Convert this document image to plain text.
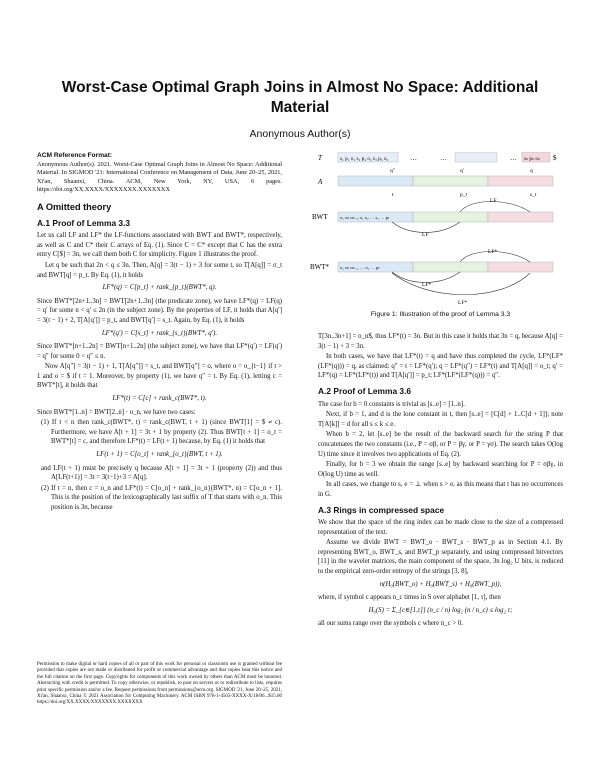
Worst-Case Optimal Graph Joins in Almost No Space: Additional Material
Anonymous Author(s)
ACM Reference Format:
Anonymous Author(s). 2021. Worst-Case Optimal Graph Joins in Almost No Space: Additional Material. In SIGMOD '21: International Conference on Management of Data, June 20–25, 2021, Xi'an, Shaanxi, China. ACM, New York, NY, USA, 6 pages. https://doi.org/XX.XXXX/XXXXXXX.XXXXXXX
A Omitted theory
A.1 Proof of Lemma 3.3

Let us call LF and LF* the LF-functions associated with BWT and BWT*, respectively, as well as C and C* their C arrays of Eq. (1). Since C = C* except that C has the extra entry C[$] = 3n, we call them both C for simplicity. Figure 1 illustrates the proof.

Let q be such that 2n < q ≤ 3n. Then, A[q] = 3(t − 1) + 3 for some t, so T[A[q]] = σ_t and BWT[q] = p_t. By Eq. (1), it holds

LF*(q) = C[p_t] + rank_{p_t}(BWT*, q).

Since BWT*[2n+1..3n] = BWT[2n+1..3n] (the predicate zone), we have LF*(q) = LF(q) = q′ for some n < q′ ≤ 2n (in the subject zone). By the properties of LF, it holds that A[q′] = 3(t − 1) + 2, T[A[q′]] = p_t, and BWT[q′] = s_t. Again, by Eq. (1), it holds

LF*(q′) = C[s_t] + rank_{s_t}(BWT*, q′).

Since BWT*[n+1..2n] = BWT[n+1..2n] (the subject zone), we have that LF*(q′) = LF(q′) = q″ for some 0 < q″ ≤ n.

Now A[q″] = 3(t − 1) + 1, T[A[q″]] = s_t, and BWT[q″] = o, where o = o_{t−1} if t > 1 and o = $ if t = 1. Moreover, by property (1), we have q″ = t. By Eq. (1), letting c = BWT*[t], it holds that

LF*(t) = C[c] + rank_c(BWT*, t).

Since BWT*[1..n] = BWT[2..n] · o_n, we have two cases:

(1) If t < n then rank_c(BWT*, t) = rank_c(BWT, t + 1) (since BWT[1] = $ ≠ c). Furthermore, we have A[t + 1] = 3t + 1 by property (2). Thus BWT[t + 1] = o_t = BWT*[t] = c, and therefore LF*(t) = LF(t + 1) because, by Eq. (1) it holds that

LF(t + 1) = C[o_t] + rank_{o_t}(BWT, t + 1).

and LF(t + 1) must be precisely q because A[t + 1] = 3t + 1 (property (2)) and thus A[LF(t+1)] = 3t = 3(t−1)+3 = A[q].

(2) If t = n, then c = o_n and LF*(t) = C[o_n] + rank_{o_n}(BWT*, n) = C[o_n + 1]. This is the position of the lexicographically last suffix of T that starts with o_n. This position is 3n, because

Permission to make digital or hard copies of all or part of this work for personal or classroom use is granted without fee provided that copies are not made or distributed for profit or commercial advantage and that copies bear this notice and the full citation on the first page. Copyrights for components of this work owned by others than ACM must be honored. Abstracting with credit is permitted. To copy otherwise, or republish, to post on servers or to redistribute to lists, requires prior specific permission and/or a fee. Request permissions from permissions@acm.org. SIGMOD '21, June 20–25, 2021, Xi'an, Shaanxi, China © 2021 Association for Computing Machinery. ACM ISBN 978-1-4503-XXXX-X/18/06...$15.00 https://doi.org/XX.XXXX/XXXXXXX.XXXXXXX
T	s₁ p₁ o₁ s₂ p₂ o₂ s₃ p₃ o₃	…	…	… sₙ pₙ oₙ $
A
q″	q′	q
t	p_t	s_t
BWT	o₁ oₙ oₙ₋₁ o₁ o₂ … s₁ … pₜ
LF
LF
BWT* o₁ oₙ oₙ₋₁ … o₁ … pₜ
LF*
LF*
LF*
Figure 1: Illustration of the proof of Lemma 3.3

T[3n..3n+1] = o_n$, thus LF*(t) = 3n. But in this case it holds that 3n = q, because A[q] = 3(t − 1) + 3 = 3n.

In both cases, we have that LF*(t) = q and have thus completed the cycle, LF*(LF*(LF*(q))) = q, as claimed: q″ = t = LF*(q′); q = LF*(q″) = LF*(t) and T[A[q]] = o_t; q′ = LF*(q) = LF*(LF*(t)) and T[A[q′]] = p_t; LF*(LF*(LF*(q))) = q″.

A.2 Proof of Lemma 3.6

The case for b = 0 constants is trivial as [s..e] = [1..n].

Next, if b = 1, and d is the lone constant in t, then [s..e] = [C[d] + 1..C[d + 1]]; note T[A[k]] = d for all s ≤ k ≤ e.

When b = 2, let [s..e] be the result of the backward search for the string P that concatenates the two constants (i.e., P = σβ, or P = βγ, or P = γσ). The search takes O(log U) time since it involves two applications of Eq. (2).

Finally, for b = 3 we obtain the range [s..e] by backward searching for P = σβγ, in O(log U) time as well.

In all cases, we change to s, e = ⊥ when s > e, as this means that t has no occurrences in G.

A.3 Rings in compressed space

We show that the space of the ring index can be made close to the size of a compressed representation of the text.

Assume we divide BWT = BWT_o · BWT_s · BWT_p as in Section 4.1. By representing BWT_o, BWT_s, and BWT_p separately, and using compressed bitvectors [11] in the wavelet matrices, the main component of the space, 3n log₂ U bits, is reduced to the empirical zero-order entropy of the strings [3, 8],

n(H₀(BWT_o) + H₀(BWT_s) + H₀(BWT_p)),

where, if symbol c appears n_c times in S over alphabet [1, τ], then

H₀(S) = Σ_{c∈[1,τ]} (n_c / n) log₂ (n / n_c) ≤ log₂ τ;

all our sums range over the symbols c where n_c > 0.
